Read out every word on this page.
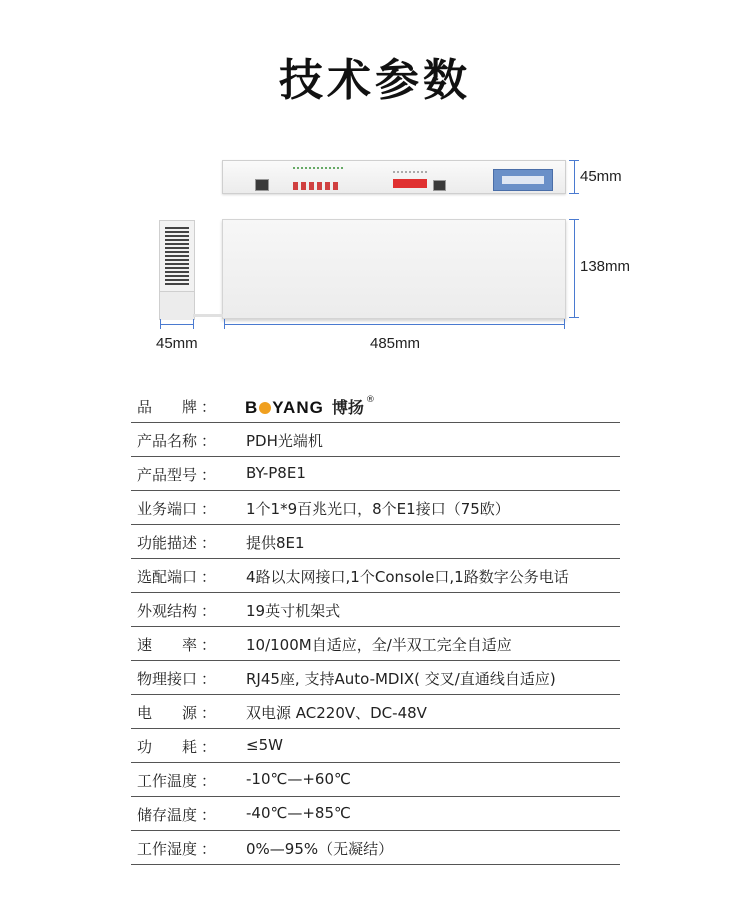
技术参数
45mm
138mm
45mm	485mm
品　　牌 ： B YANG 博扬 ®
产品名称 ： PDH光端机
产品型号 ： BY-P8E1
业务端口 ： 1个1*9百兆光口，8个E1接口（75欧）
功能描述 ： 提供8E1
选配端口 ： 4路以太网接口,1个Console口,1路数字公务电话
外观结构 ： 19英寸机架式
速　　率 ： 10/100M自适应，全/半双工完全自适应
物理接口 ： RJ45座, 支持Auto-MDIX( 交叉/直通线自适应)
电　　源 ： 双电源 AC220V、DC-48V
功　　耗 ： ≤5W
工作温度 ： -10℃—+60℃
储存温度 ： -40℃—+85℃
工作湿度 ： 0%—95%（无凝结）
